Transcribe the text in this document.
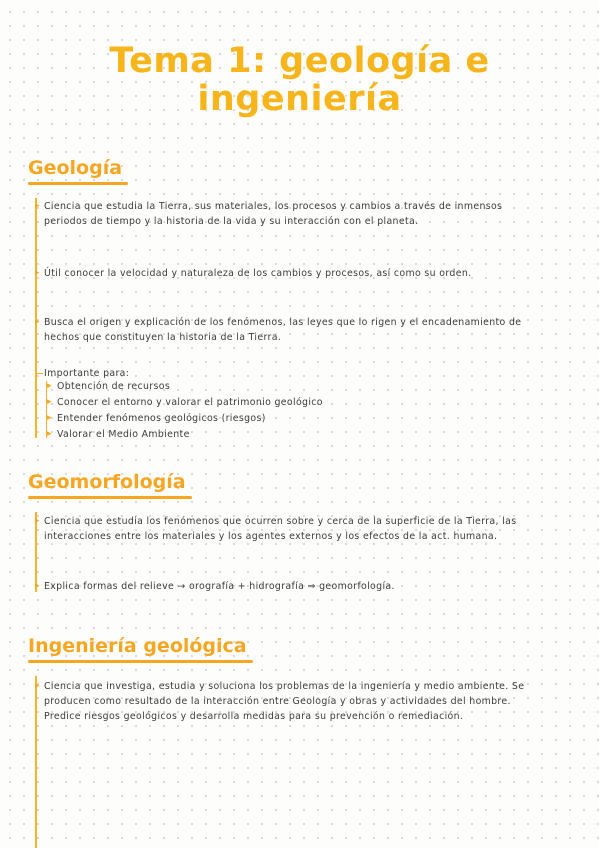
Tema 1: geología e
ingeniería
Geología
▸ Ciencia que estudia la Tierra, sus materiales, los procesos y cambios a través de inmensos periodos de tiempo y la historia de la vida y su interacción con el planeta.
▸ Útil conocer la velocidad y naturaleza de los cambios y procesos, así como su orden.
▸ Busca el origen y explicación de los fenómenos, las leyes que lo rigen y el encadenamiento de hechos que constituyen la historia de la Tierra.
Importante para:
▸ Obtención de recursos
▸ Conocer el entorno y valorar el patrimonio geológico
▸ Entender fenómenos geológicos (riesgos)
▸ Valorar el Medio Ambiente
Geomorfología
▸ Ciencia que estudia los fenómenos que ocurren sobre y cerca de la superficie de la Tierra, las interacciones entre los materiales y los agentes externos y los efectos de la act. humana.
▸ Explica formas del relieve → orografía + hidrografía ⇒ geomorfología.
Ingeniería geológica
▸ Ciencia que investiga, estudia y soluciona los problemas de la ingeniería y medio ambiente. Se producen como resultado de la interacción entre Geología y obras y actividades del hombre. Predice riesgos geológicos y desarrolla medidas para su prevención o remediación.
